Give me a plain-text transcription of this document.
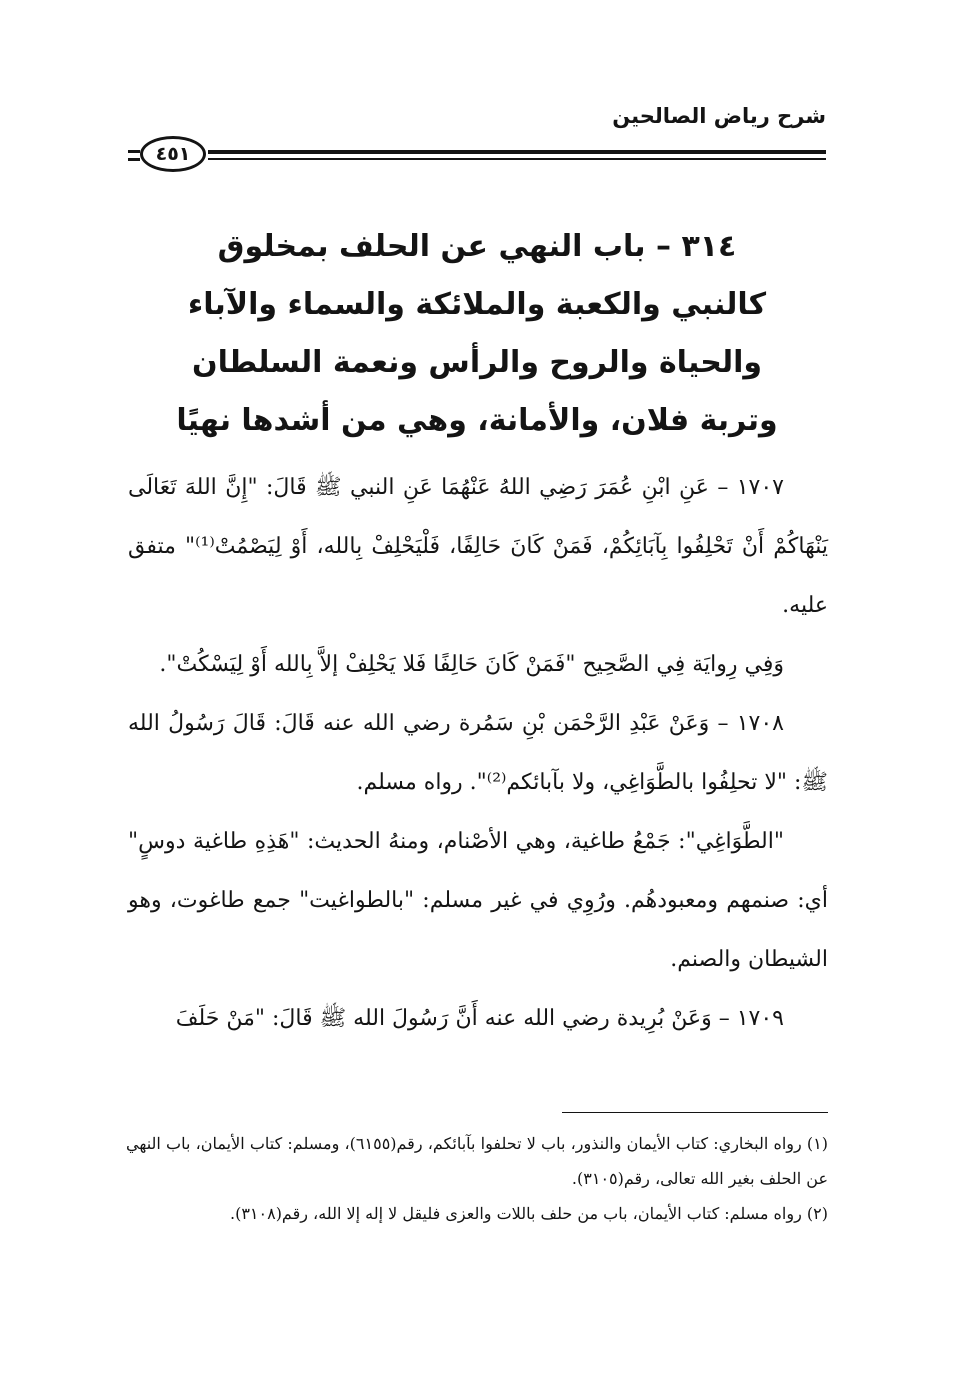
شرح رياض الصالحين
٤٥١
٣١٤ – باب النهي عن الحلف بمخلوق
كالنبي والكعبة والملائكة والسماء والآباء
والحياة والروح والرأس ونعمة السلطان
وتربة فلان، والأمانة، وهي من أشدها نهيًا

١٧٠٧ – عَنِ ابْنِ عُمَرَ رَضِي اللهُ عَنْهُمَا عَنِ النبي ﷺ قَالَ: "إِنَّ اللهَ تَعَالَى يَنْهَاكُمْ أَنْ تَحْلِفُوا بِآبَائِكُمْ، فَمَنْ كَانَ حَالِفًا، فَلْيَحْلِفْ بِالله، أَوْ لِيَصْمُتْ⁽¹⁾" متفق عليه.

وَفِي رِوايَة فِي الصَّحِيح "فَمَنْ كَانَ حَالِفًا فَلا يَحْلِفْ إلاَّ بِالله أَوْ لِيَسْكُتْ".

١٧٠٨ – وَعَنْ عَبْدِ الرَّحْمَن بْنِ سَمُرة رضي الله عنه قَالَ: قَالَ رَسُولُ الله ﷺ: "لا تحلِفُوا بالطَّوَاغِي، ولا بآبائكم⁽²⁾". رواه مسلم.

"الطَّوَاغِي": جَمْعُ طاغية، وهي الأصْنام، ومنهُ الحديث: "هَذِهِ طاغية دوسٍ" أي: صنمهم ومعبودهُم. ورُوِي في غير مسلم: "بالطواغيت" جمع طاغوت، وهو الشيطان والصنم.

١٧٠٩ – وَعَنْ بُرِيدة رضي الله عنه أَنَّ رَسُولَ الله ﷺ قَالَ: "مَنْ حَلَفَ

(١) رواه البخاري: كتاب الأيمان والنذور، باب لا تحلفوا بآبائكم، رقم(٦١٥٥)، ومسلم: كتاب الأيمان، باب النهي عن الحلف بغير الله تعالى، رقم(٣١٠٥).

(٢) رواه مسلم: كتاب الأيمان، باب من حلف باللات والعزى فليقل لا إله إلا الله، رقم(٣١٠٨).
